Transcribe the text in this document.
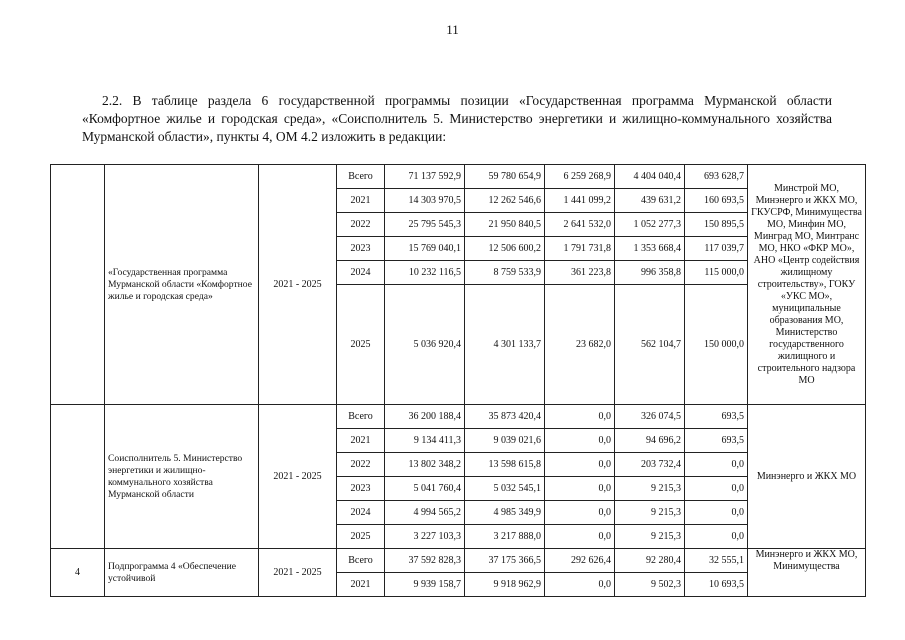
11
2.2. В таблице раздела 6 государственной программы позиции «Государственная программа Мурманской области «Комфортное жилье и городская среда», «Соисполнитель 5. Министерство энергетики и жилищно-коммунального хозяйства Мурманской области», пункты 4, ОМ 4.2 изложить в редакции:
	«Государственная программа Мурманской области «Комфортное жилье и городская среда»	2021 - 2025	Всего	71 137 592,9	59 780 654,9	6 259 268,9	4 404 040,4	693 628,7	Минстрой МО, Минэнерго и ЖКХ МО, ГКУСРФ, Минимущества МО, Минфин МО, Минград МО, Минтранс МО, НКО «ФКР МО», АНО «Центр содействия жилищному строительству», ГОКУ «УКС МО», муниципальные образования МО, Министерство государственного жилищного и строительного надзора МО
			2021	14 303 970,5	12 262 546,6	1 441 099,2	439 631,2	160 693,5	
			2022	25 795 545,3	21 950 840,5	2 641 532,0	1 052 277,3	150 895,5	
			2023	15 769 040,1	12 506 600,2	1 791 731,8	1 353 668,4	117 039,7	
			2024	10 232 116,5	8 759 533,9	361 223,8	996 358,8	115 000,0	
			2025	5 036 920,4	4 301 133,7	23 682,0	562 104,7	150 000,0	
	Соисполнитель 5. Министерство энергетики и жилищно-коммунального хозяйства Мурманской области	2021 - 2025	Всего	36 200 188,4	35 873 420,4	0,0	326 074,5	693,5	Минэнерго и ЖКХ МО
			2021	9 134 411,3	9 039 021,6	0,0	94 696,2	693,5	
			2022	13 802 348,2	13 598 615,8	0,0	203 732,4	0,0	
			2023	5 041 760,4	5 032 545,1	0,0	9 215,3	0,0	
			2024	4 994 565,2	4 985 349,9	0,0	9 215,3	0,0	
			2025	3 227 103,3	3 217 888,0	0,0	9 215,3	0,0	
4	Подпрограмма 4 «Обеспечение устойчивой	2021 - 2025	Всего	37 592 828,3	37 175 366,5	292 626,4	92 280,4	32 555,1	Минэнерго и ЖКХ МО, Минимущества
			2021	9 939 158,7	9 918 962,9	0,0	9 502,3	10 693,5	
